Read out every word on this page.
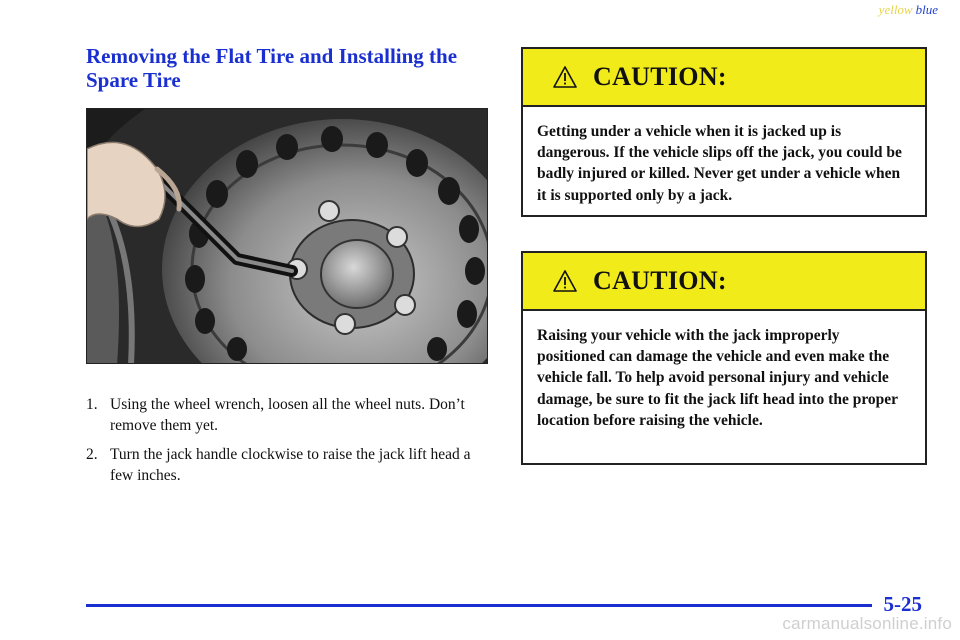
yellow blue
Removing the Flat Tire and Installing the Spare Tire
1. Using the wheel wrench, loosen all the wheel nuts. Don’t remove them yet.
2. Turn the jack handle clockwise to raise the jack lift head a few inches.
CAUTION:
Getting under a vehicle when it is jacked up is dangerous. If the vehicle slips off the jack, you could be badly injured or killed. Never get under a vehicle when it is supported only by a jack.
CAUTION:
Raising your vehicle with the jack improperly positioned can damage the vehicle and even make the vehicle fall. To help avoid personal injury and vehicle damage, be sure to fit the jack lift head into the proper location before raising the vehicle.
5-25
carmanualsonline.info
